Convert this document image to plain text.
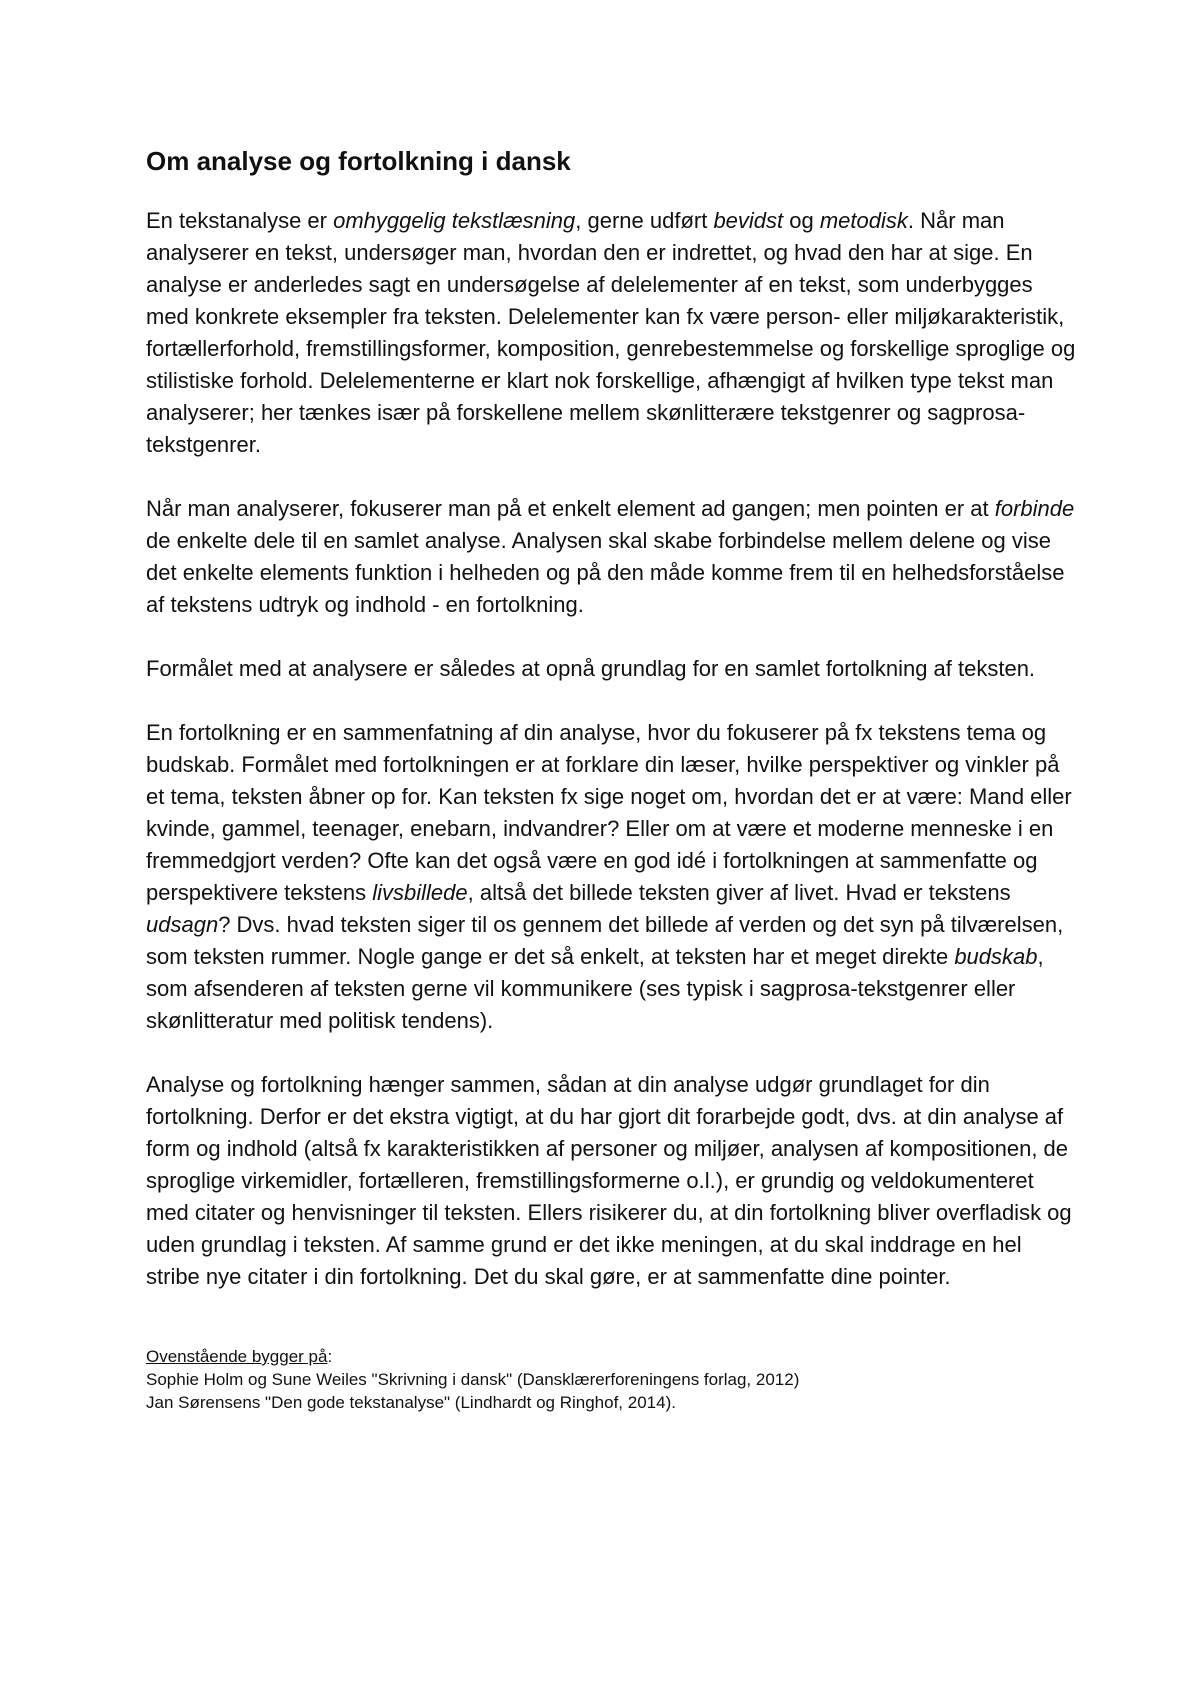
Om analyse og fortolkning i dansk

En tekstanalyse er omhyggelig tekstlæsning, gerne udført bevidst og metodisk. Når man analyserer en tekst, undersøger man, hvordan den er indrettet, og hvad den har at sige. En analyse er anderledes sagt en undersøgelse af delelementer af en tekst, som underbygges med konkrete eksempler fra teksten. Delelementer kan fx være person- eller miljøkarakteristik, fortællerforhold, fremstillingsformer, komposition, genrebestemmelse og forskellige sproglige og stilistiske forhold. Delelementerne er klart nok forskellige, afhængigt af hvilken type tekst man analyserer; her tænkes især på forskellene mellem skønlitterære tekstgenrer og sagprosa-tekstgenrer.

Når man analyserer, fokuserer man på et enkelt element ad gangen; men pointen er at forbinde de enkelte dele til en samlet analyse. Analysen skal skabe forbindelse mellem delene og vise det enkelte elements funktion i helheden og på den måde komme frem til en helhedsforståelse af tekstens udtryk og indhold - en fortolkning.

Formålet med at analysere er således at opnå grundlag for en samlet fortolkning af teksten.

En fortolkning er en sammenfatning af din analyse, hvor du fokuserer på fx tekstens tema og budskab. Formålet med fortolkningen er at forklare din læser, hvilke perspektiver og vinkler på et tema, teksten åbner op for. Kan teksten fx sige noget om, hvordan det er at være: Mand eller kvinde, gammel, teenager, enebarn, indvandrer? Eller om at være et moderne menneske i en fremmedgjort verden? Ofte kan det også være en god idé i fortolkningen at sammenfatte og perspektivere tekstens livsbillede, altså det billede teksten giver af livet. Hvad er tekstens udsagn? Dvs. hvad teksten siger til os gennem det billede af verden og det syn på tilværelsen, som teksten rummer. Nogle gange er det så enkelt, at teksten har et meget direkte budskab, som afsenderen af teksten gerne vil kommunikere (ses typisk i sagprosa-tekstgenrer eller skønlitteratur med politisk tendens).

Analyse og fortolkning hænger sammen, sådan at din analyse udgør grundlaget for din fortolkning. Derfor er det ekstra vigtigt, at du har gjort dit forarbejde godt, dvs. at din analyse af form og indhold (altså fx karakteristikken af personer og miljøer, analysen af kompositionen, de sproglige virkemidler, fortælleren, fremstillingsformerne o.l.), er grundig og veldokumenteret med citater og henvisninger til teksten. Ellers risikerer du, at din fortolkning bliver overfladisk og uden grundlag i teksten. Af samme grund er det ikke meningen, at du skal inddrage en hel stribe nye citater i din fortolkning. Det du skal gøre, er at sammenfatte dine pointer.

Ovenstående bygger på:
Sophie Holm og Sune Weiles "Skrivning i dansk" (Dansklærerforeningens forlag, 2012)
Jan Sørensens "Den gode tekstanalyse" (Lindhardt og Ringhof, 2014).
